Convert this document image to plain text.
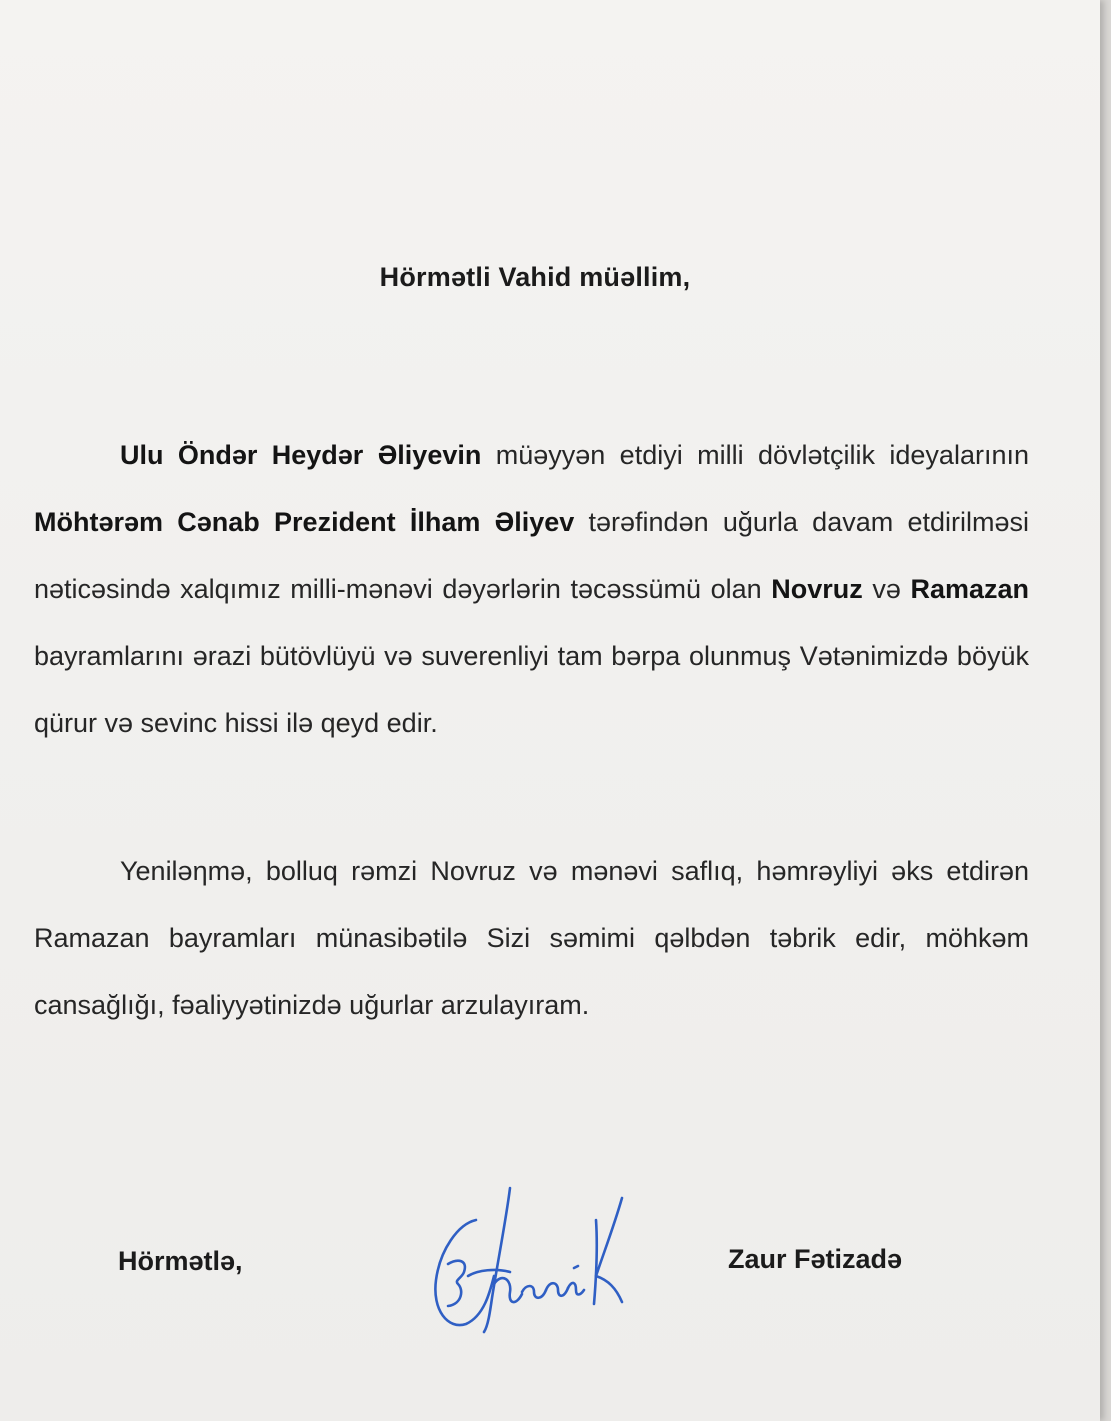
Hörmətli Vahid müəllim,

Ulu Öndər Heydər Əliyevin müəyyən etdiyi milli dövlətçilik ideyalarının Möhtərəm Cənab Prezident İlham Əliyev tərəfindən uğurla davam etdirilməsi nəticəsində xalqımız milli-mənəvi dəyərlərin təcəssümü olan Novruz və Ramazan bayramlarını ərazi bütövlüyü və suverenliyi tam bərpa olunmuş Vətənimizdə böyük qürur və sevinc hissi ilə qeyd edir.

Yeniləηmə, bolluq rəmzi Novruz və mənəvi saflıq, həmrəyliyi əks etdirən Ramazan bayramları münasibətilə Sizi səmimi qəlbdən təbrik edir, möhkəm cansağlığı, fəaliyyətinizdə uğurlar arzulayıram.

Hörmətlə,	Zaur Fətizadə
